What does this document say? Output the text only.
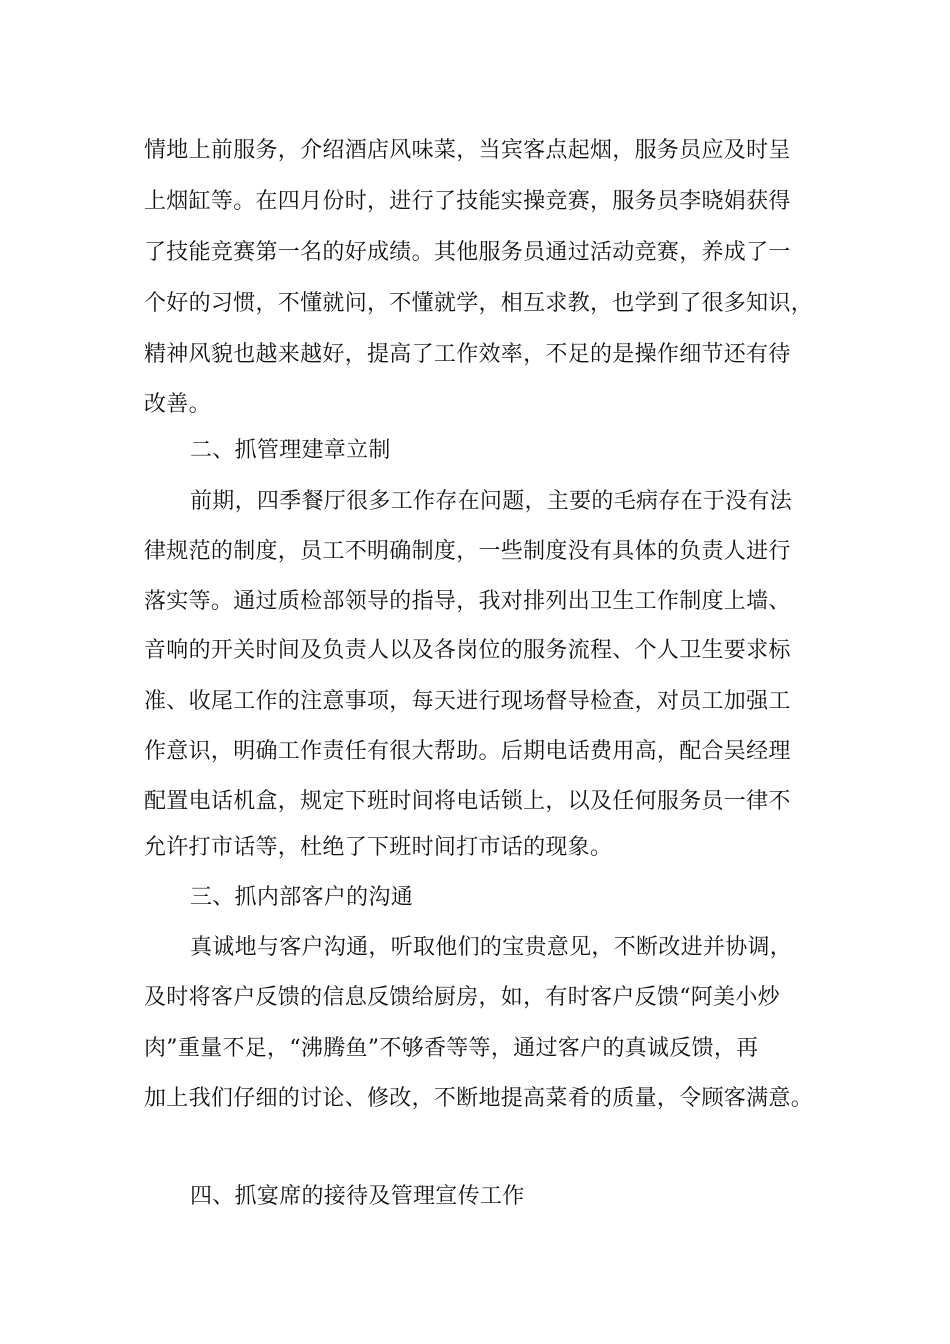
情地上前服务，介绍酒店风味菜，当宾客点起烟，服务员应及时呈
上烟缸等。在四月份时，进行了技能实操竞赛，服务员李晓娟获得
了技能竞赛第一名的好成绩。其他服务员通过活动竞赛，养成了一
个好的习惯，不懂就问，不懂就学，相互求教，也学到了很多知识，
精神风貌也越来越好，提高了工作效率，不足的是操作细节还有待
改善。
二、抓管理建章立制
前期，四季餐厅很多工作存在问题，主要的毛病存在于没有法
律规范的制度，员工不明确制度，一些制度没有具体的负责人进行
落实等。通过质检部领导的指导，我对排列出卫生工作制度上墙、
音响的开关时间及负责人以及各岗位的服务流程、个人卫生要求标
准、收尾工作的注意事项，每天进行现场督导检查，对员工加强工
作意识，明确工作责任有很大帮助。后期电话费用高，配合吴经理
配置电话机盒，规定下班时间将电话锁上，以及任何服务员一律不
允许打市话等，杜绝了下班时间打市话的现象。
三、抓内部客户的沟通
真诚地与客户沟通，听取他们的宝贵意见，不断改进并协调，
及时将客户反馈的信息反馈给厨房，如，有时客户反馈“阿美小炒
肉”重量不足，“沸腾鱼”不够香等等，通过客户的真诚反馈，再
加上我们仔细的讨论、修改，不断地提高菜肴的质量，令顾客满意。
四、抓宴席的接待及管理宣传工作
